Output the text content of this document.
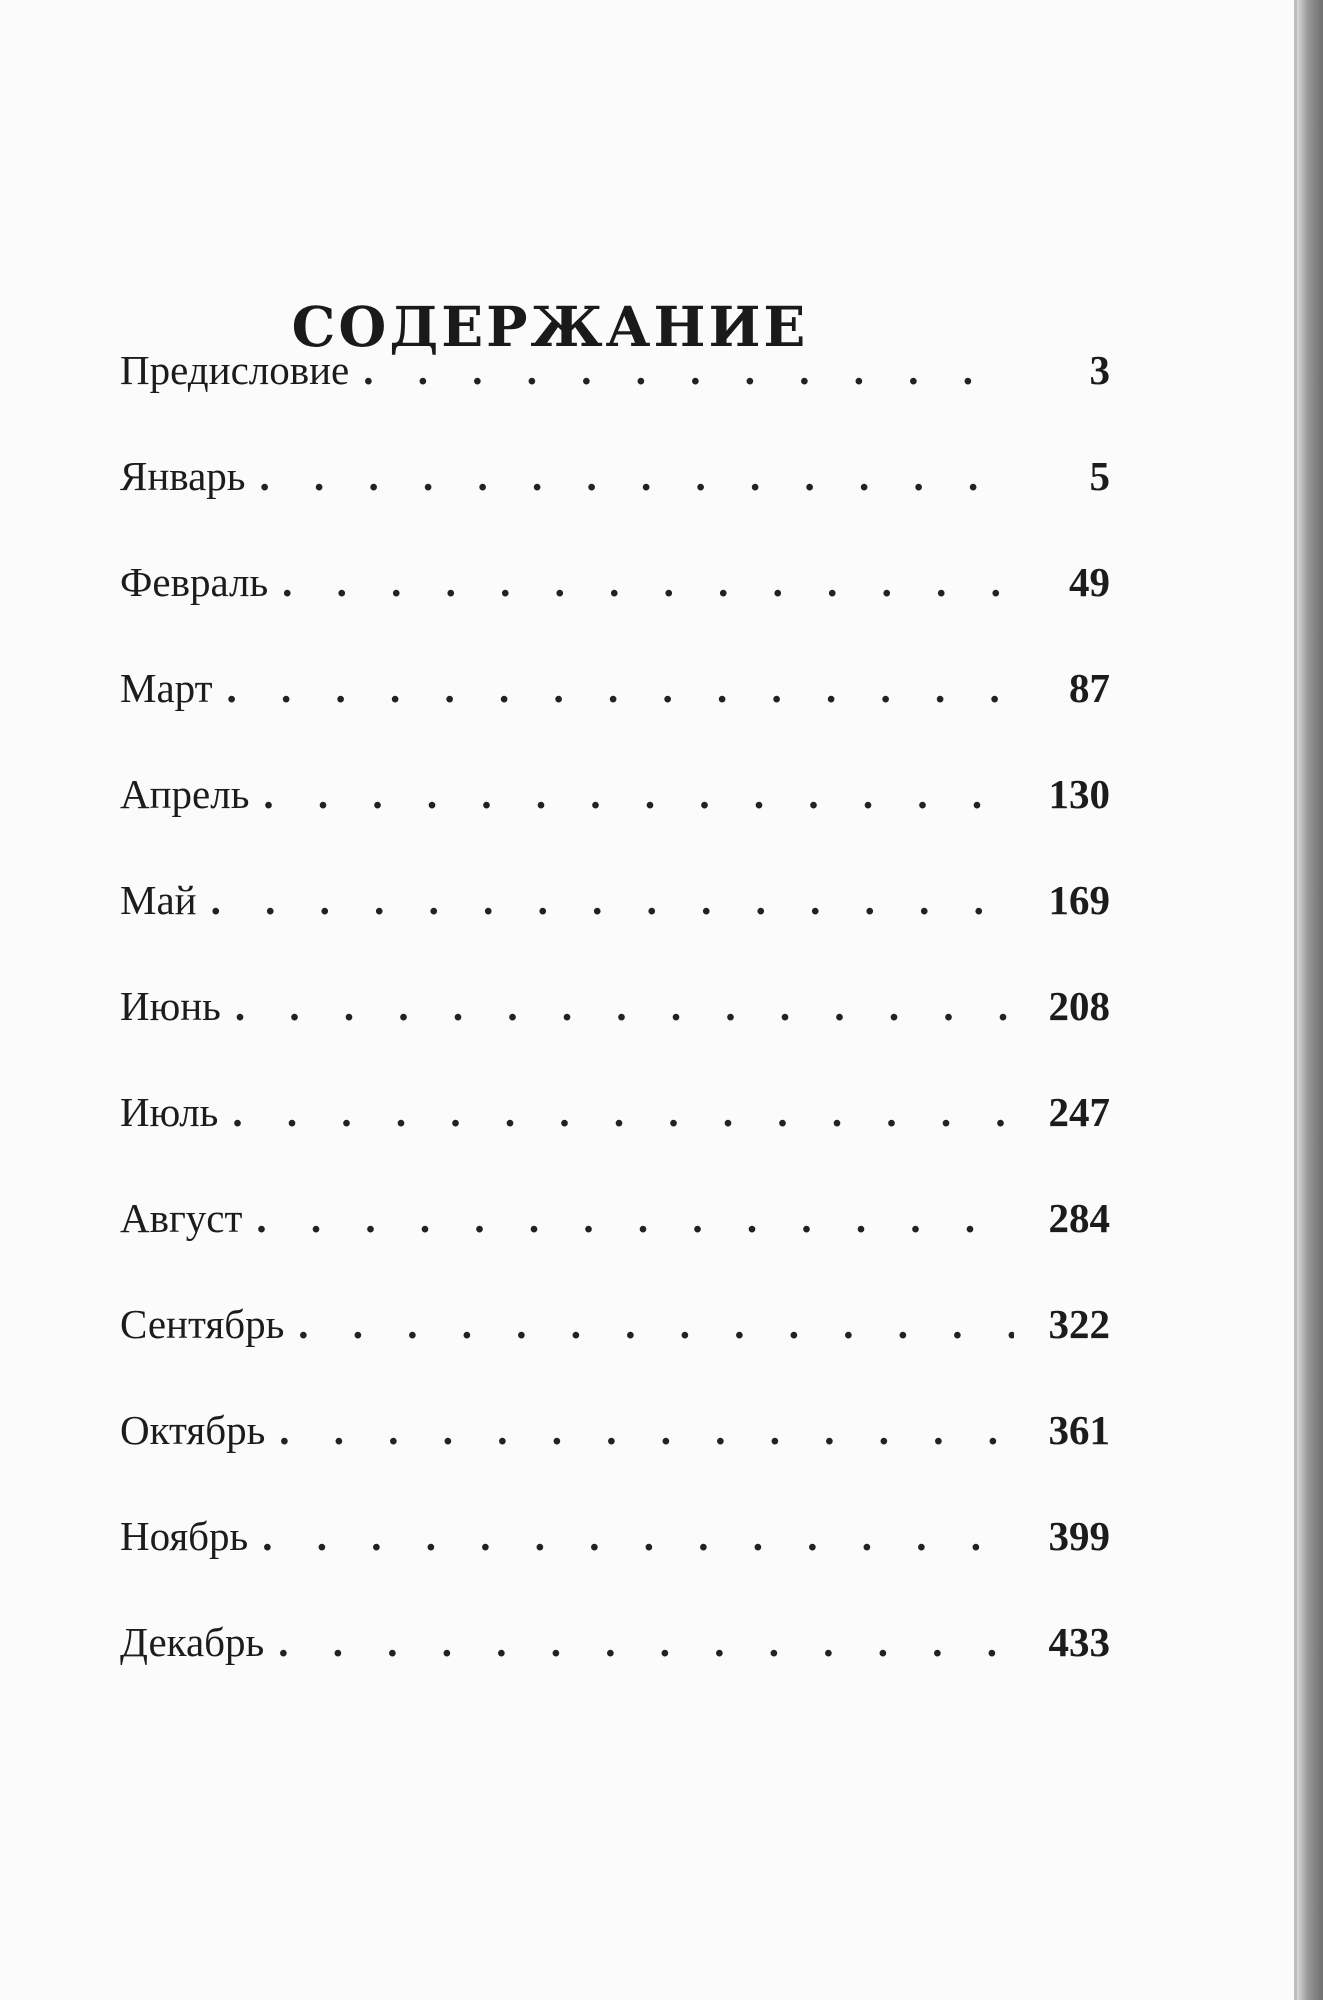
содержание
Предисловие . . .	3
Январь . . .	5
Февраль . . .	49
Март . . .	87
Апрель . . .	130
Май . . .	169
Июнь . . .	208
Июль . . .	247
Август . . .	284
Сентябрь . . .	322
Октябрь . . .	361
Ноябрь . . .	399
Декабрь . . .	433
